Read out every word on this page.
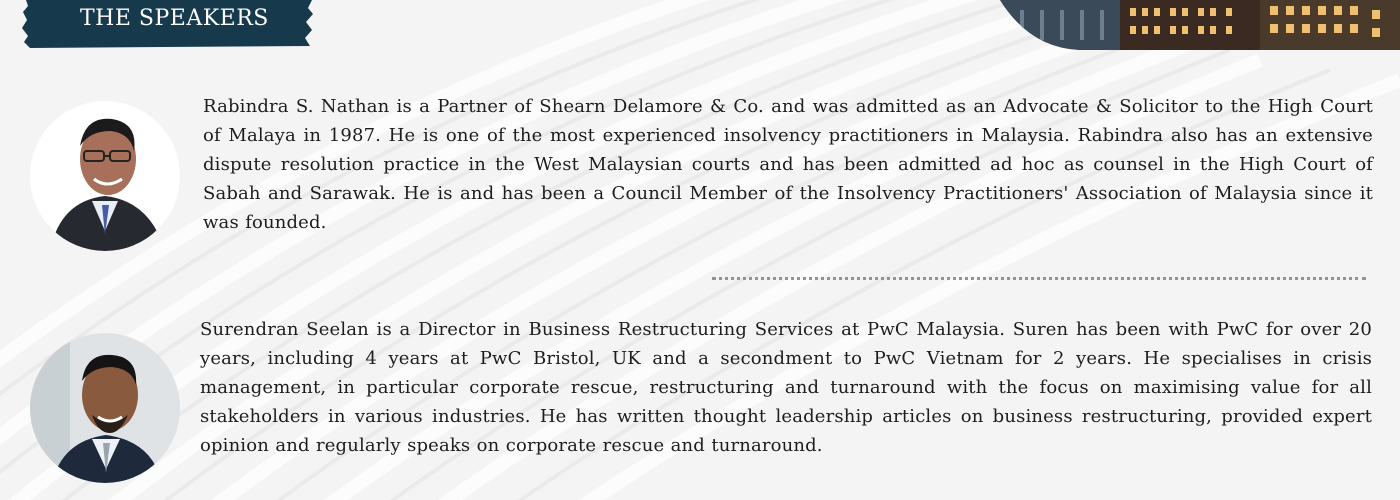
THE SPEAKERS

Rabindra S. Nathan is a Partner of Shearn Delamore & Co. and was admitted as an Advocate & Solicitor to the High Court of Malaya in 1987. He is one of the most experienced insolvency practitioners in Malaysia. Rabindra also has an extensive dispute resolution practice in the West Malaysian courts and has been admitted ad hoc as counsel in the High Court of Sabah and Sarawak. He is and has been a Council Member of the Insolvency Practitioners' Association of Malaysia since it was founded.

Surendran Seelan is a Director in Business Restructuring Services at PwC Malaysia. Suren has been with PwC for over 20 years, including 4 years at PwC Bristol, UK and a secondment to PwC Vietnam for 2 years. He specialises in crisis management, in particular corporate rescue, restructuring and turnaround with the focus on maximising value for all stakeholders in various industries. He has written thought leadership articles on business restructuring, provided expert opinion and regularly speaks on corporate rescue and turnaround.
